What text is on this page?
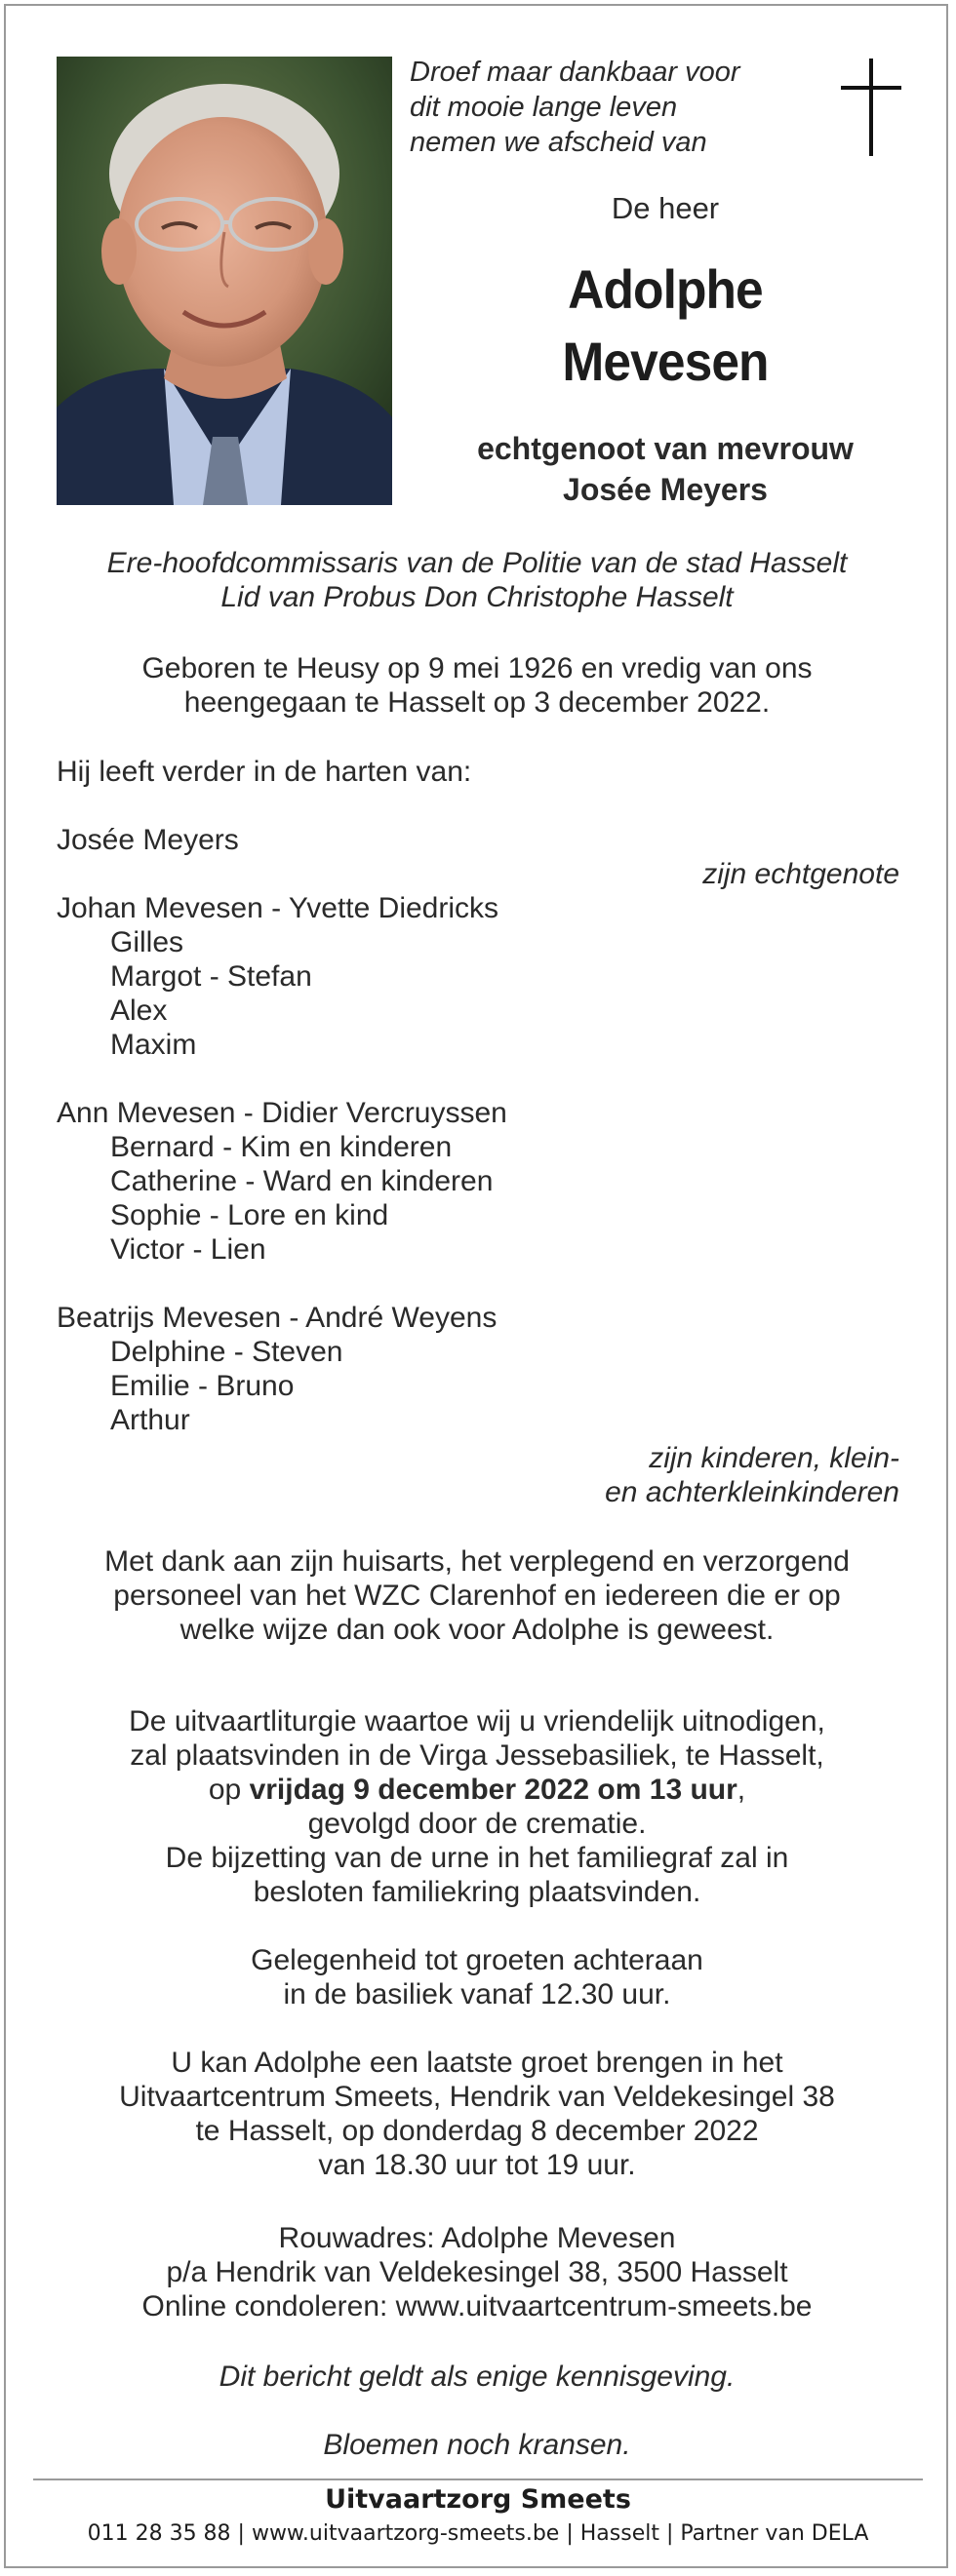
Droef maar dankbaar voor
dit mooie lange leven
nemen we afscheid van
De heer
Adolphe
Mevesen
echtgenoot van mevrouw
Josée Meyers
Ere-hoofdcommissaris van de Politie van de stad Hasselt
Lid van Probus Don Christophe Hasselt
Geboren te Heusy op 9 mei 1926 en vredig van ons
heengegaan te Hasselt op 3 december 2022.
Hij leeft verder in de harten van:
Josée Meyers
zijn echtgenote
Johan Mevesen - Yvette Diedricks
Gilles
Margot - Stefan
Alex
Maxim
Ann Mevesen - Didier Vercruyssen
Bernard - Kim en kinderen
Catherine - Ward en kinderen
Sophie - Lore en kind
Victor - Lien
Beatrijs Mevesen - André Weyens
Delphine - Steven
Emilie - Bruno
Arthur
zijn kinderen, klein-
en achterkleinkinderen
Met dank aan zijn huisarts, het verplegend en verzorgend
personeel van het WZC Clarenhof en iedereen die er op
welke wijze dan ook voor Adolphe is geweest.
De uitvaartliturgie waartoe wij u vriendelijk uitnodigen,
zal plaatsvinden in de Virga Jessebasiliek, te Hasselt,
op vrijdag 9 december 2022 om 13 uur,
gevolgd door de crematie.
De bijzetting van de urne in het familiegraf zal in
besloten familiekring plaatsvinden.
Gelegenheid tot groeten achteraan
in de basiliek vanaf 12.30 uur.
U kan Adolphe een laatste groet brengen in het
Uitvaartcentrum Smeets, Hendrik van Veldekesingel 38
te Hasselt, op donderdag 8 december 2022
van 18.30 uur tot 19 uur.
Rouwadres: Adolphe Mevesen
p/a Hendrik van Veldekesingel 38, 3500 Hasselt
Online condoleren: www.uitvaartcentrum-smeets.be
Dit bericht geldt als enige kennisgeving.
Bloemen noch kransen.
Uitvaartzorg Smeets
011 28 35 88 | www.uitvaartzorg-smeets.be | Hasselt | Partner van DELA
